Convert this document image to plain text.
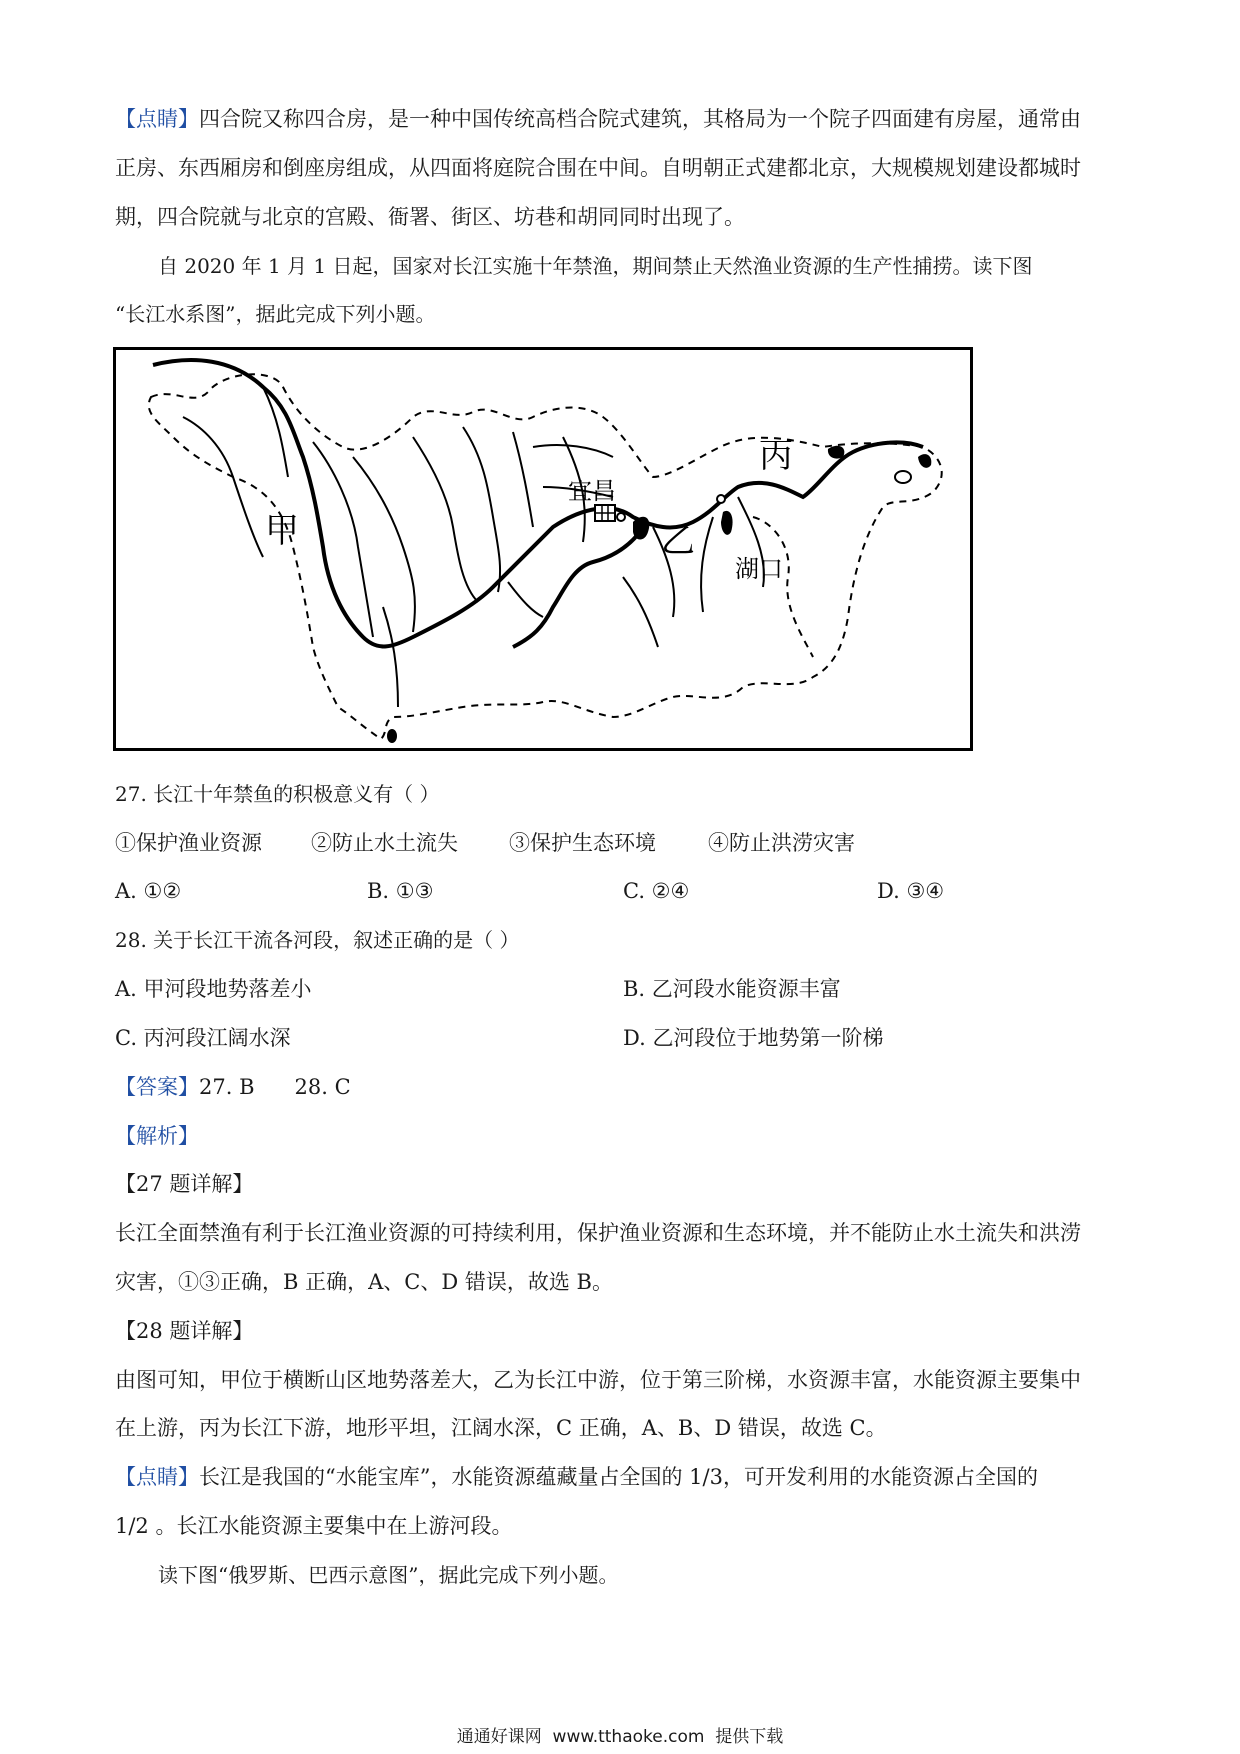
【点睛】四合院又称四合房，是一种中国传统高档合院式建筑，其格局为一个院子四面建有房屋，通常由
正房、东西厢房和倒座房组成，从四面将庭院合围在中间。自明朝正式建都北京，大规模规划建设都城时
期，四合院就与北京的宫殿、衙署、街区、坊巷和胡同同时出现了。
自 2020 年 1 月 1 日起，国家对长江实施十年禁渔，期间禁止天然渔业资源的生产性捕捞。读下图
“长江水系图”，据此完成下列小题。
甲	乙
丙
宜昌
湖口
27. 长江十年禁鱼的积极意义有（ ）
①保护渔业资源 ②防止水土流失 ③保护生态环境 ④防止洪涝灾害
A. ①②	B. ①③	C. ②④	D. ③④
28. 关于长江干流各河段，叙述正确的是（ ）
A. 甲河段地势落差小	B. 乙河段水能资源丰富
C. 丙河段江阔水深	D. 乙河段位于地势第一阶梯
【答案】27. B      28. C
【解析】
【27 题详解】
长江全面禁渔有利于长江渔业资源的可持续利用，保护渔业资源和生态环境，并不能防止水土流失和洪涝
灾害，①③正确，B 正确，A、C、D 错误，故选 B。
【28 题详解】
由图可知，甲位于横断山区地势落差大，乙为长江中游，位于第三阶梯，水资源丰富，水能资源主要集中
在上游，丙为长江下游，地形平坦，江阔水深，C 正确，A、B、D 错误，故选 C。
【点睛】长江是我国的“水能宝库”，水能资源蕴藏量占全国的 1/3，可开发利用的水能资源占全国的
1/2 。长江水能资源主要集中在上游河段。
读下图“俄罗斯、巴西示意图”，据此完成下列小题。
通通好课网  www.tthaoke.com  提供下载
